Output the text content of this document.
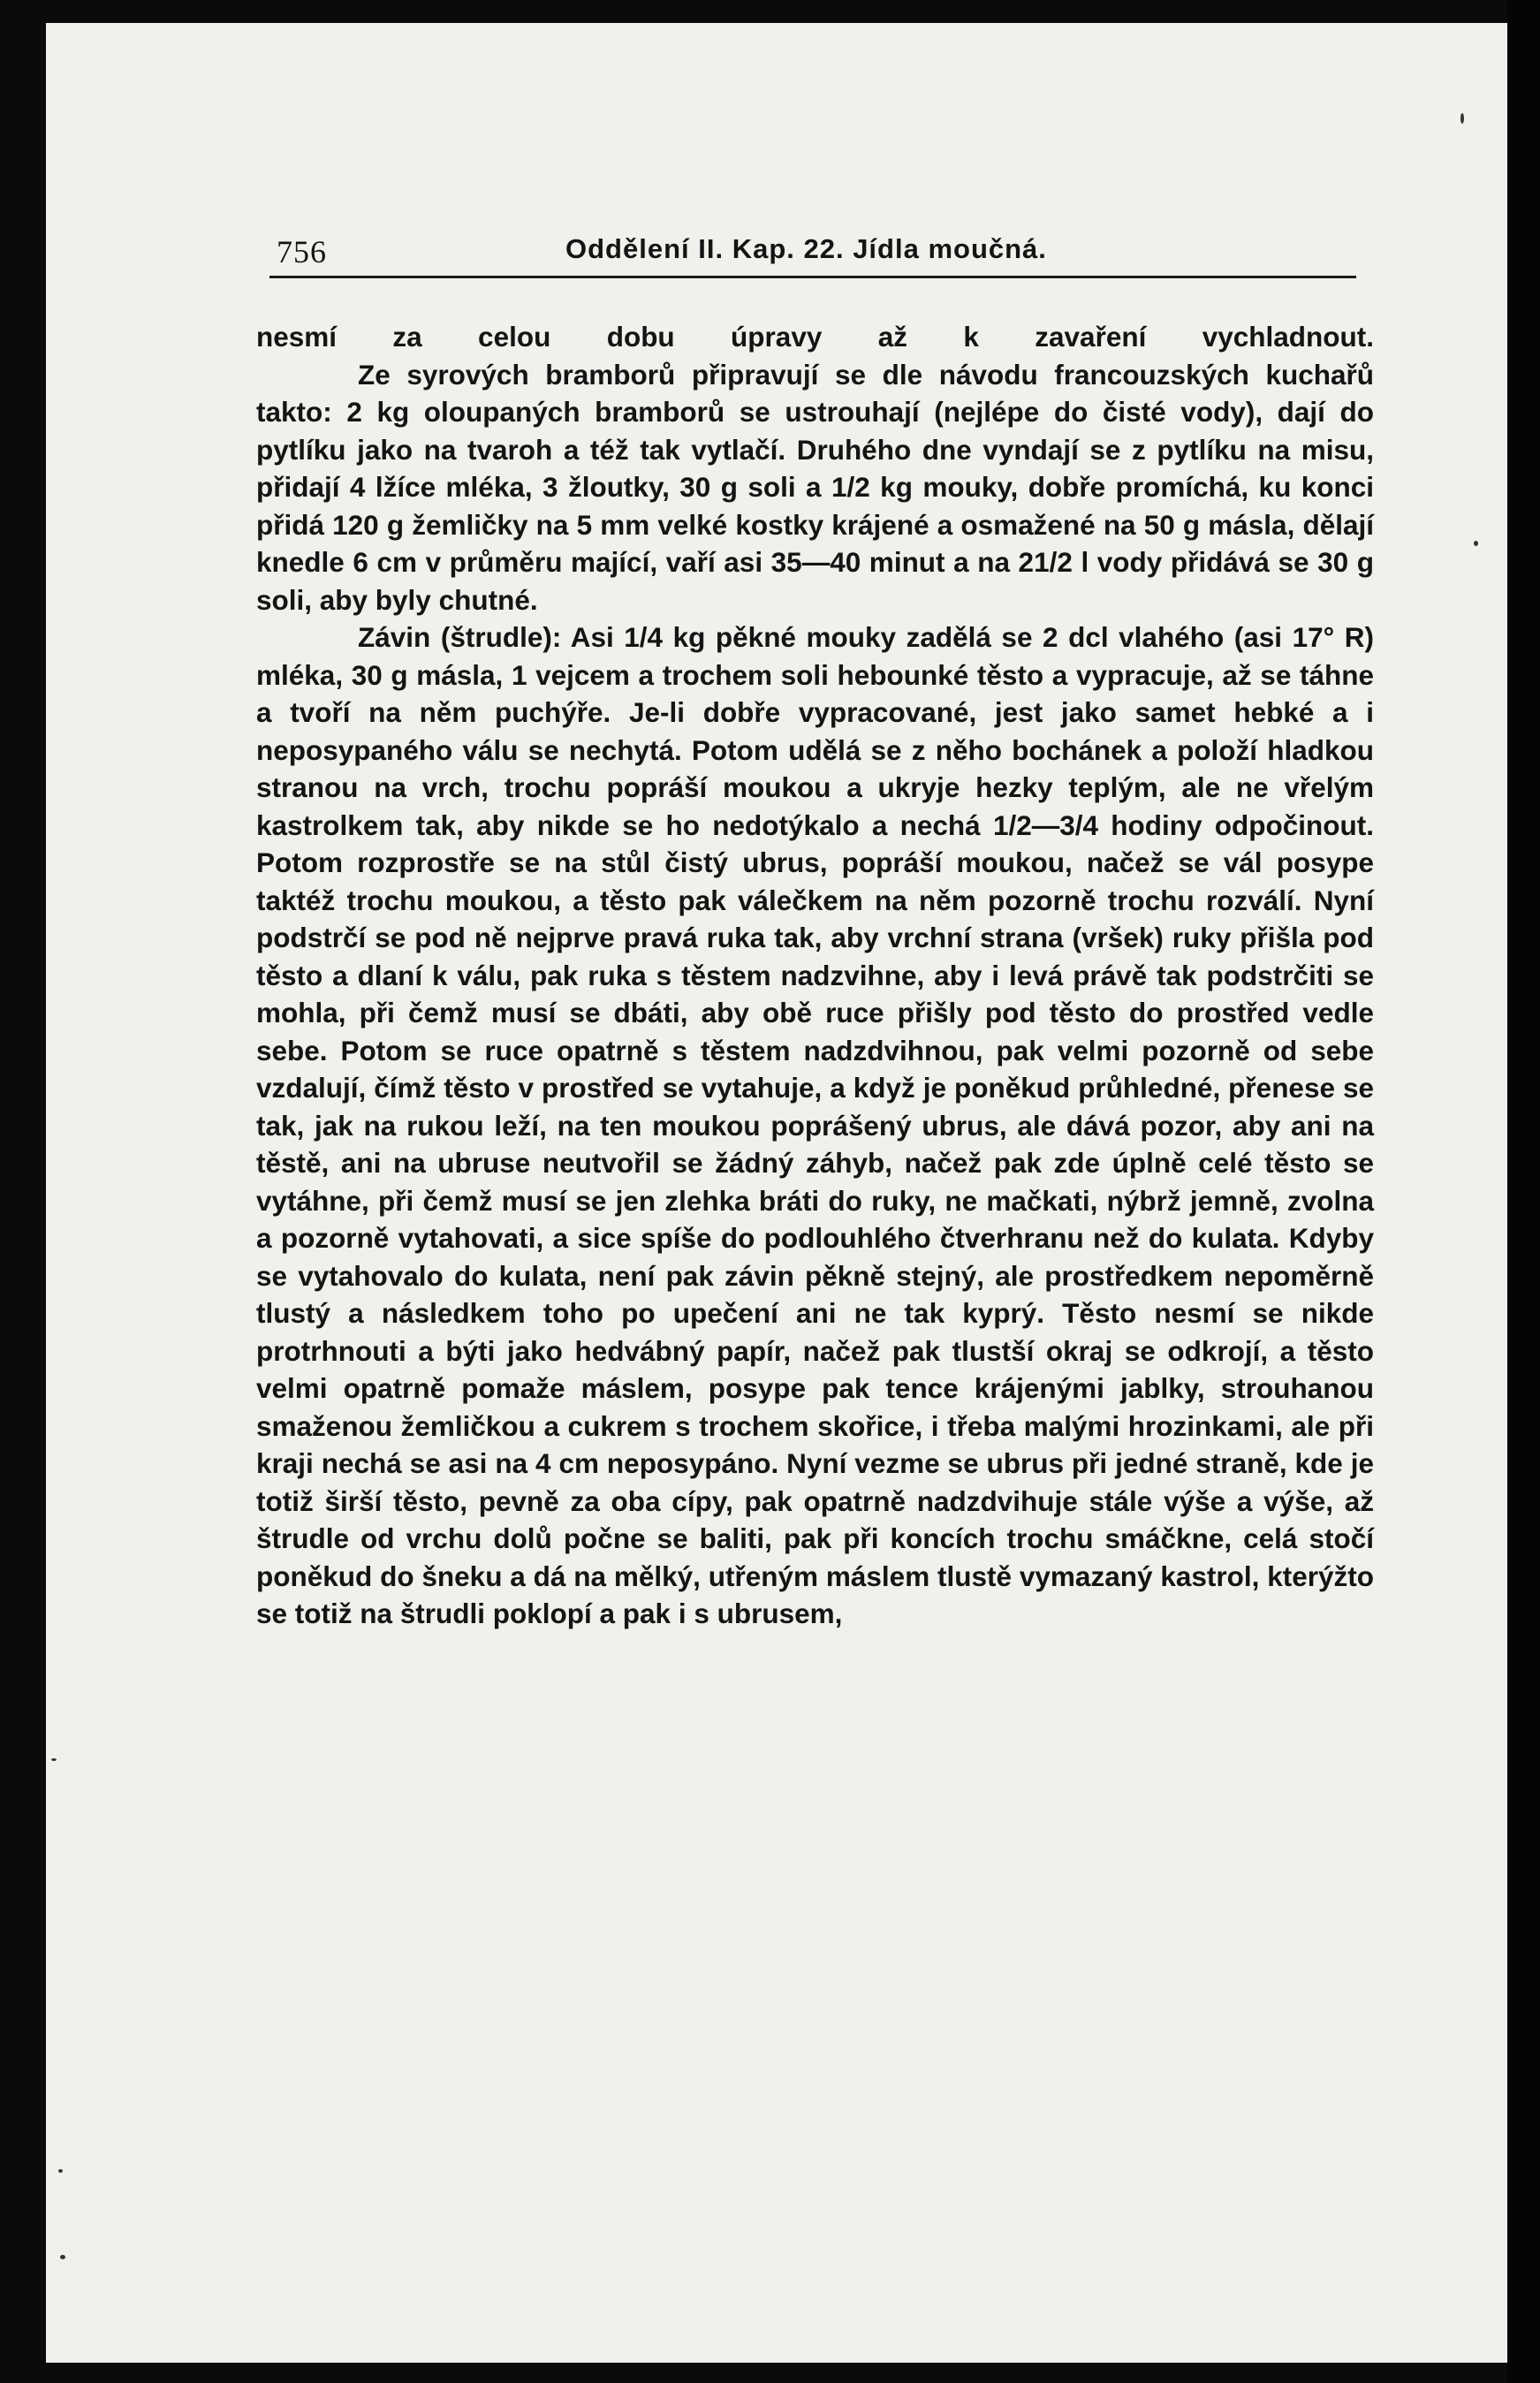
756	Oddělení II. Kap. 22. Jídla moučná.

nesmí za celou dobu úpravy až k zavaření vychladnout.

Ze syrových bramborů připravují se dle návodu francouzských kuchařů takto: 2 kg oloupaných bramborů se ustrouhají (nejlépe do čisté vody), dají do pytlíku jako na tvaroh a též tak vytlačí. Druhého dne vyndají se z pytlíku na misu, přidají 4 lžíce mléka, 3 žloutky, 30 g soli a 1/2 kg mouky, dobře promíchá, ku konci přidá 120 g žemličky na 5 mm velké kostky krájené a osmažené na 50 g másla, dělají knedle 6 cm v průměru mající, vaří asi 35—40 minut a na 21/2 l vody přidává se 30 g soli, aby byly chutné.

Závin (štrudle): Asi 1/4 kg pěkné mouky zadělá se 2 dcl vlahého (asi 17° R) mléka, 30 g másla, 1 vejcem a trochem soli hebounké těsto a vypracuje, až se táhne a tvoří na něm puchýře. Je-li dobře vypracované, jest jako samet hebké a i neposypaného válu se nechytá. Potom udělá se z něho bochánek a položí hladkou stranou na vrch, trochu popráší moukou a ukryje hezky teplým, ale ne vřelým kastrolkem tak, aby nikde se ho nedotýkalo a nechá 1/2—3/4 hodiny odpočinout. Potom rozprostře se na stůl čistý ubrus, popráší moukou, načež se vál posype taktéž trochu moukou, a těsto pak válečkem na něm pozorně trochu rozválí. Nyní podstrčí se pod ně nejprve pravá ruka tak, aby vrchní strana (vršek) ruky přišla pod těsto a dlaní k válu, pak ruka s těstem nadzvihne, aby i levá právě tak podstrčiti se mohla, při čemž musí se dbáti, aby obě ruce přišly pod těsto do prostřed vedle sebe. Potom se ruce opatrně s těstem nadzdvihnou, pak velmi pozorně od sebe vzdalují, čímž těsto v prostřed se vytahuje, a když je poněkud průhledné, přenese se tak, jak na rukou leží, na ten moukou poprášený ubrus, ale dává pozor, aby ani na těstě, ani na ubruse neutvořil se žádný záhyb, načež pak zde úplně celé těsto se vytáhne, při čemž musí se jen zlehka bráti do ruky, ne mačkati, nýbrž jemně, zvolna a pozorně vytahovati, a sice spíše do podlouhlého čtverhranu než do kulata. Kdyby se vytahovalo do kulata, není pak závin pěkně stejný, ale prostředkem nepoměrně tlustý a následkem toho po upečení ani ne tak kyprý. Těsto nesmí se nikde protrhnouti a býti jako hedvábný papír, načež pak tlustší okraj se odkrojí, a těsto velmi opatrně pomaže máslem, posype pak tence krájenými jablky, strouhanou smaženou žemličkou a cukrem s trochem skořice, i třeba malými hrozinkami, ale při kraji nechá se asi na 4 cm neposypáno. Nyní vezme se ubrus při jedné straně, kde je totiž širší těsto, pevně za oba cípy, pak opatrně nadzdvihuje stále výše a výše, až štrudle od vrchu dolů počne se baliti, pak při koncích trochu smáčkne, celá stočí poněkud do šneku a dá na mělký, utřeným máslem tlustě vymazaný kastrol, kterýžto se totiž na štrudli poklopí a pak i s ubrusem,
